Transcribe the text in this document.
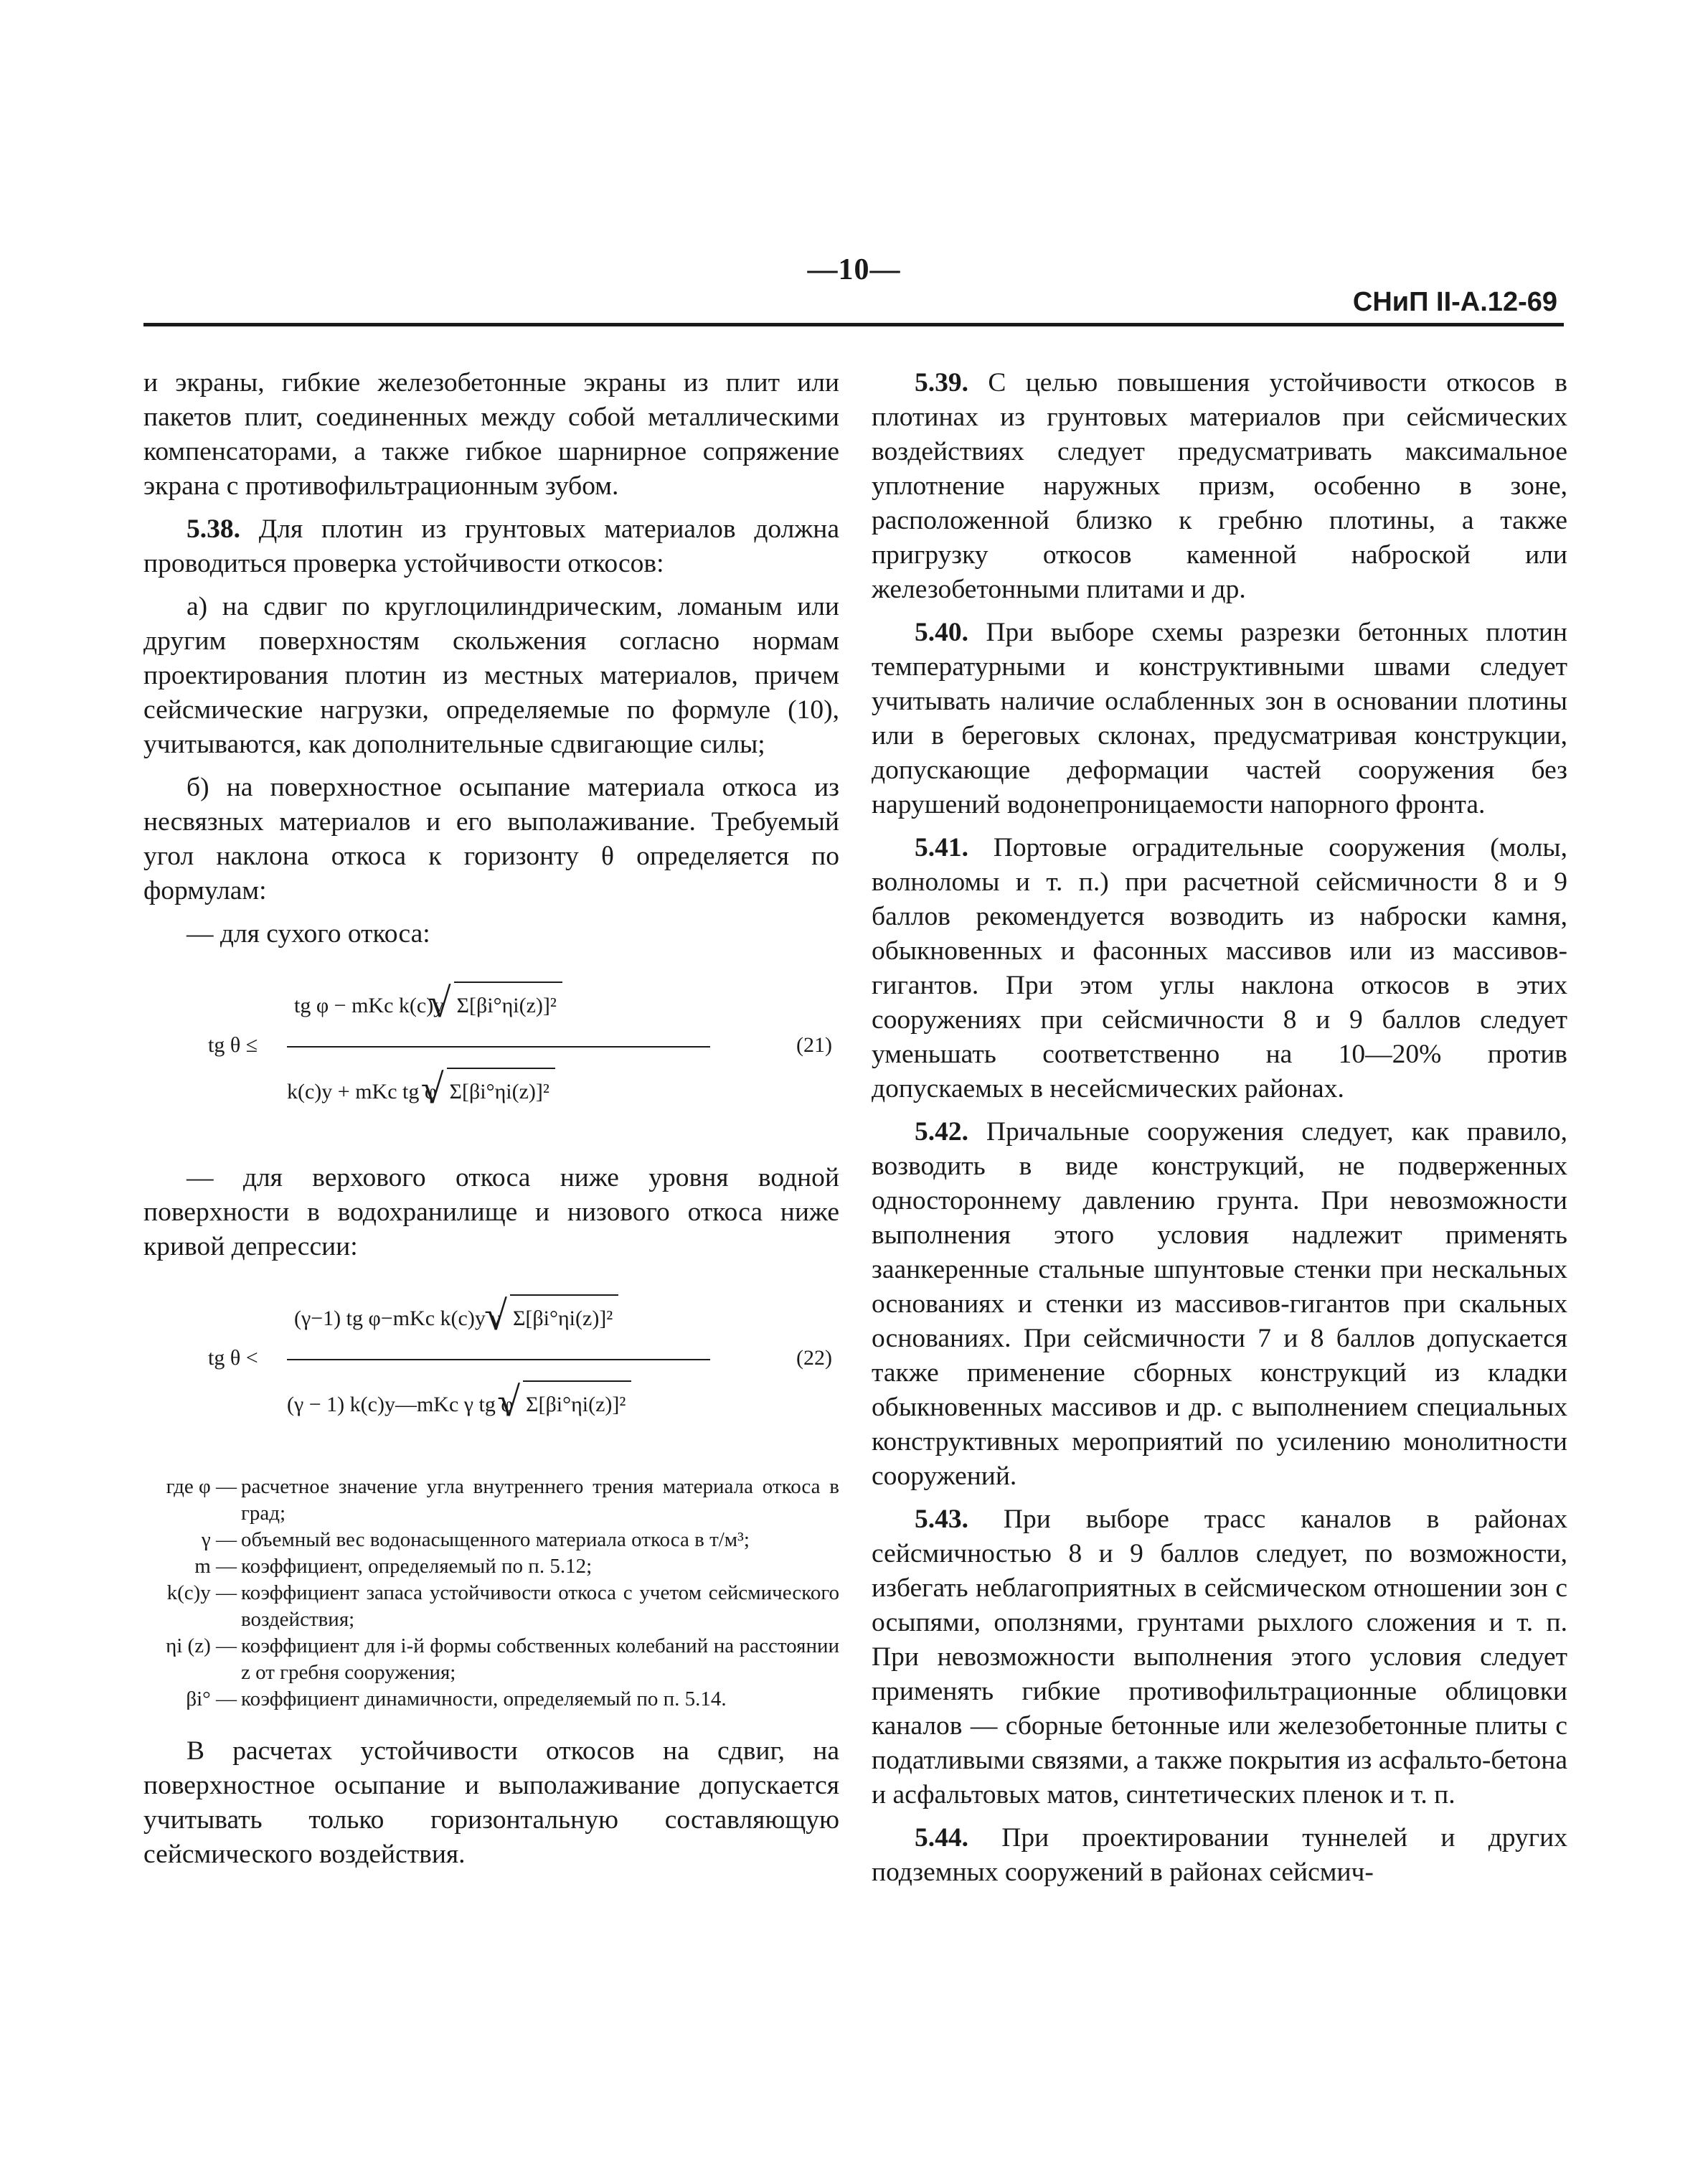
—10—
СНиП II-А.12-69

и экраны, гибкие железобетонные экраны из плит или пакетов плит, соединенных между собой металлическими компенсаторами, а также гибкое шарнирное сопряжение экрана с противофильтрационным зубом.

5.38. Для плотин из грунтовых материалов должна проводиться проверка устойчивости откосов:

а) на сдвиг по круглоцилиндрическим, ломаным или другим поверхностям скольжения согласно нормам проектирования плотин из местных материалов, причем сейсмические нагрузки, определяемые по формуле (10), учитываются, как дополнительные сдвигающие силы;

б) на поверхностное осыпание материала откоса из несвязных материалов и его выполаживание. Требуемый угол наклона откоса к горизонту θ определяется по формулам:

— для сухого откоса:

tg θ ≤
tg φ − mKc k(c)y √ Σ[βi°ηi(z)]²
k(c)y + mKc tg φ √ Σ[βi°ηi(z)]²
(21)

— для верхового откоса ниже уровня водной поверхности в водохранилище и низового откоса ниже кривой депрессии:

tg θ <
(γ−1) tg φ−mKc k(c)y γ √ Σ[βi°ηi(z)]²
(γ − 1) k(c)y—mKc γ tg φ √ Σ[βi°ηi(z)]²
(22)
где φ — расчетное значение угла внутреннего трения материала откоса в град;
γ — объемный вес водонасыщенного материала откоса в т/м³;
m — коэффициент, определяемый по п. 5.12;
k(c)y — коэффициент запаса устойчивости откоса с учетом сейсмического воздействия;
ηi (z) — коэффициент для i-й формы собственных колебаний на расстоянии z от гребня сооружения;
βi° — коэффициент динамичности, определяемый по п. 5.14.

В расчетах устойчивости откосов на сдвиг, на поверхностное осыпание и выполаживание допускается учитывать только горизонтальную составляющую сейсмического воздействия.

5.39. С целью повышения устойчивости откосов в плотинах из грунтовых материалов при сейсмических воздействиях следует предусматривать максимальное уплотнение наружных призм, особенно в зоне, расположенной близко к гребню плотины, а также пригрузку откосов каменной наброской или железобетонными плитами и др.

5.40. При выборе схемы разрезки бетонных плотин температурными и конструктивными швами следует учитывать наличие ослабленных зон в основании плотины или в береговых склонах, предусматривая конструкции, допускающие деформации частей сооружения без нарушений водонепроницаемости напорного фронта.

5.41. Портовые оградительные сооружения (молы, волноломы и т. п.) при расчетной сейсмичности 8 и 9 баллов рекомендуется возводить из наброски камня, обыкновенных и фасонных массивов или из массивов-гигантов. При этом углы наклона откосов в этих сооружениях при сейсмичности 8 и 9 баллов следует уменьшать соответственно на 10—20% против допускаемых в несейсмических районах.

5.42. Причальные сооружения следует, как правило, возводить в виде конструкций, не подверженных одностороннему давлению грунта. При невозможности выполнения этого условия надлежит применять заанкеренные стальные шпунтовые стенки при нескальных основаниях и стенки из массивов-гигантов при скальных основаниях. При сейсмичности 7 и 8 баллов допускается также применение сборных конструкций из кладки обыкновенных массивов и др. с выполнением специальных конструктивных мероприятий по усилению монолитности сооружений.

5.43. При выборе трасс каналов в районах сейсмичностью 8 и 9 баллов следует, по возможности, избегать неблагоприятных в сейсмическом отношении зон с осыпями, оползнями, грунтами рыхлого сложения и т. п. При невозможности выполнения этого условия следует применять гибкие противофильтрационные облицовки каналов — сборные бетонные или железобетонные плиты с податливыми связями, а также покрытия из асфальто-бетона и асфальтовых матов, синтетических пленок и т. п.

5.44. При проектировании туннелей и других подземных сооружений в районах сейсмич-
